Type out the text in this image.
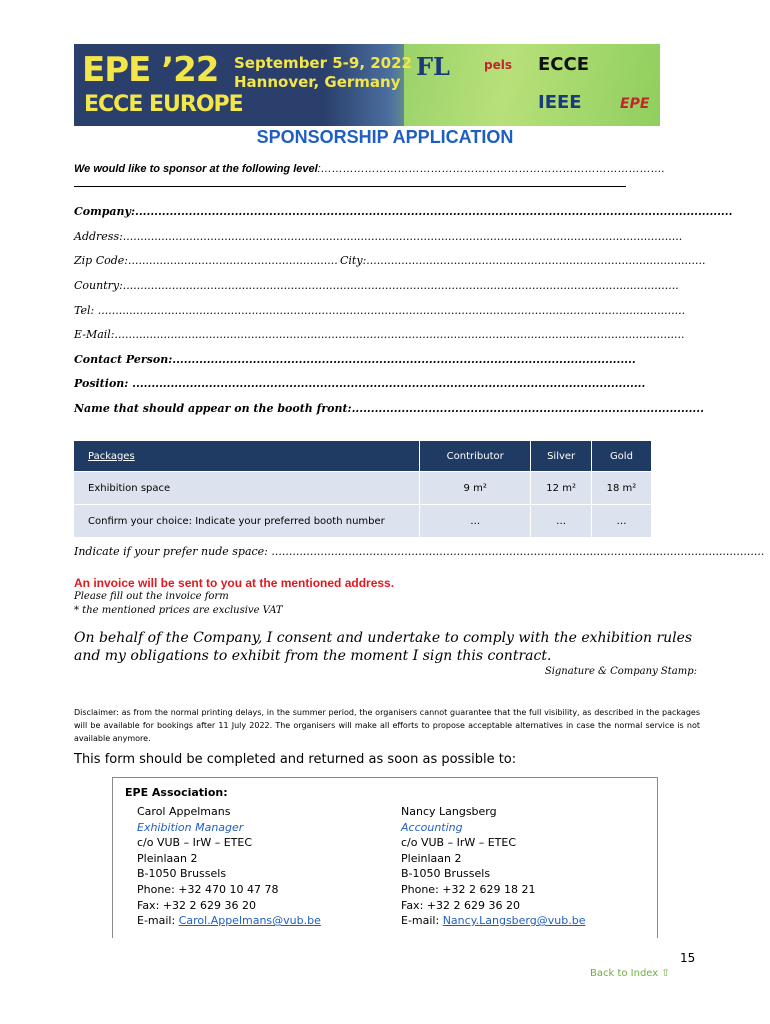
EPE ’22
ECCE EUROPE
September 5-9, 2022
Hannover, Germany
FL	pels ECCE
IEEE	EPE
SPONSORSHIP APPLICATION
We would like to sponsor at the following level:………………………………………………………………………………….
Company:............................................................................................................................................................
Address:................................................................................................................................................................
Zip Code:............................................................ City:.................................................................................................
Country:...............................................................................................................................................................
Tel: ........................................................................................................................................................................
E-Mail:...................................................................................................................................................................
Contact Person:.........................................................................................................................
Position: ......................................................................................................................................
Name that should appear on the booth front:............................................................................................
Packages	Contributor	Silver	Gold
Exhibition space	9 m²	12 m²	18 m²
Confirm your choice: Indicate your preferred booth number	…	…	…
Indicate if your prefer nude space: .............................................................................................................................................
An invoice will be sent to you at the mentioned address.
Please fill out the invoice form
* the mentioned prices are exclusive VAT
On behalf of the Company, I consent and undertake to comply with the exhibition rules and my obligations to exhibit from the moment I sign this contract.
Signature & Company Stamp:
Disclaimer: as from the normal printing delays, in the summer period, the organisers cannot guarantee that the full visibility, as described in the packages will be available for bookings after 11 July 2022. The organisers will make all efforts to propose acceptable alternatives in case the normal service is not available anymore.
This form should be completed and returned as soon as possible to:
EPE Association:
Carol Appelmans
Exhibition Manager
c/o VUB – IrW – ETEC
Pleinlaan 2
B-1050 Brussels
Phone: +32 470 10 47 78
Fax: +32 2 629 36 20
E-mail: Carol.Appelmans@vub.be
Nancy Langsberg
Accounting
c/o VUB – IrW – ETEC
Pleinlaan 2
B-1050 Brussels
Phone: +32 2 629 18 21
Fax: +32 2 629 36 20
E-mail: Nancy.Langsberg@vub.be
15
Back to Index ⇧
